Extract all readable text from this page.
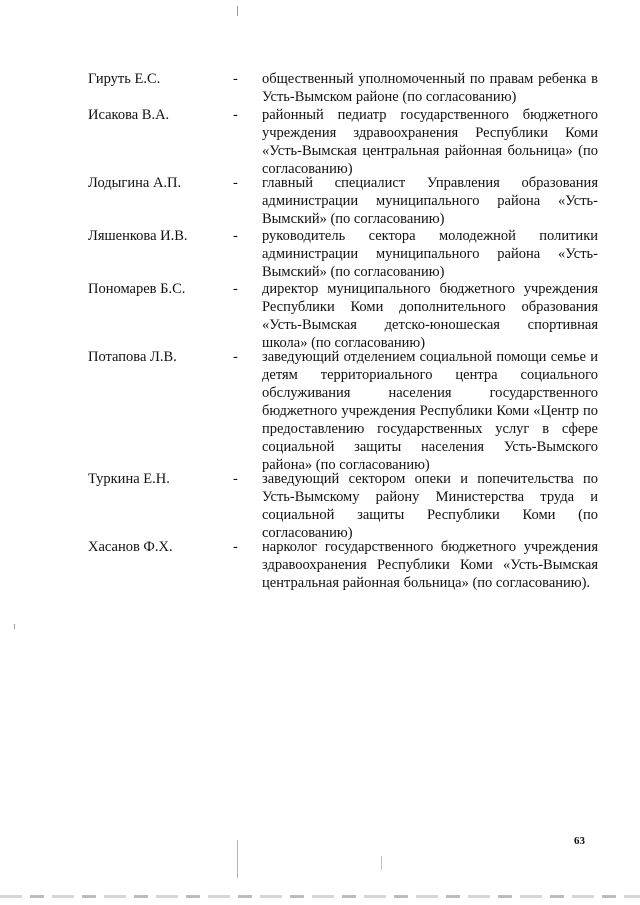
Гируть Е.С.	- общественный уполномоченный по правам ребенка в Усть-Вымском районе (по согласованию)
Исакова В.А.	- районный педиатр государственного бюджетного учреждения здравоохранения Республики Коми «Усть-Вымская центральная районная больница» (по согласованию)
Лодыгина А.П.	- главный специалист Управления образования администрации муниципального района «Усть-Вымский» (по согласованию)
Ляшенкова И.В.	- руководитель сектора молодежной политики администрации муниципального района «Усть-Вымский» (по согласованию)
Пономарев Б.С.	- директор муниципального бюджетного учреждения Республики Коми дополнительного образования «Усть-Вымская детско-юношеская спортивная школа» (по согласованию)
Потапова Л.В.	- заведующий отделением социальной помощи семье и детям территориального центра социального обслуживания населения государственного бюджетного учреждения Республики Коми «Центр по предоставлению государственных услуг в сфере социальной защиты населения Усть-Вымского района» (по согласованию)
Туркина Е.Н.	- заведующий сектором опеки и попечительства по Усть-Вымскому району Министерства труда и социальной защиты Республики Коми (по согласованию)
Хасанов Ф.Х.	- нарколог государственного бюджетного учреждения здравоохранения Республики Коми «Усть-Вымская центральная районная больница» (по согласованию).
63
